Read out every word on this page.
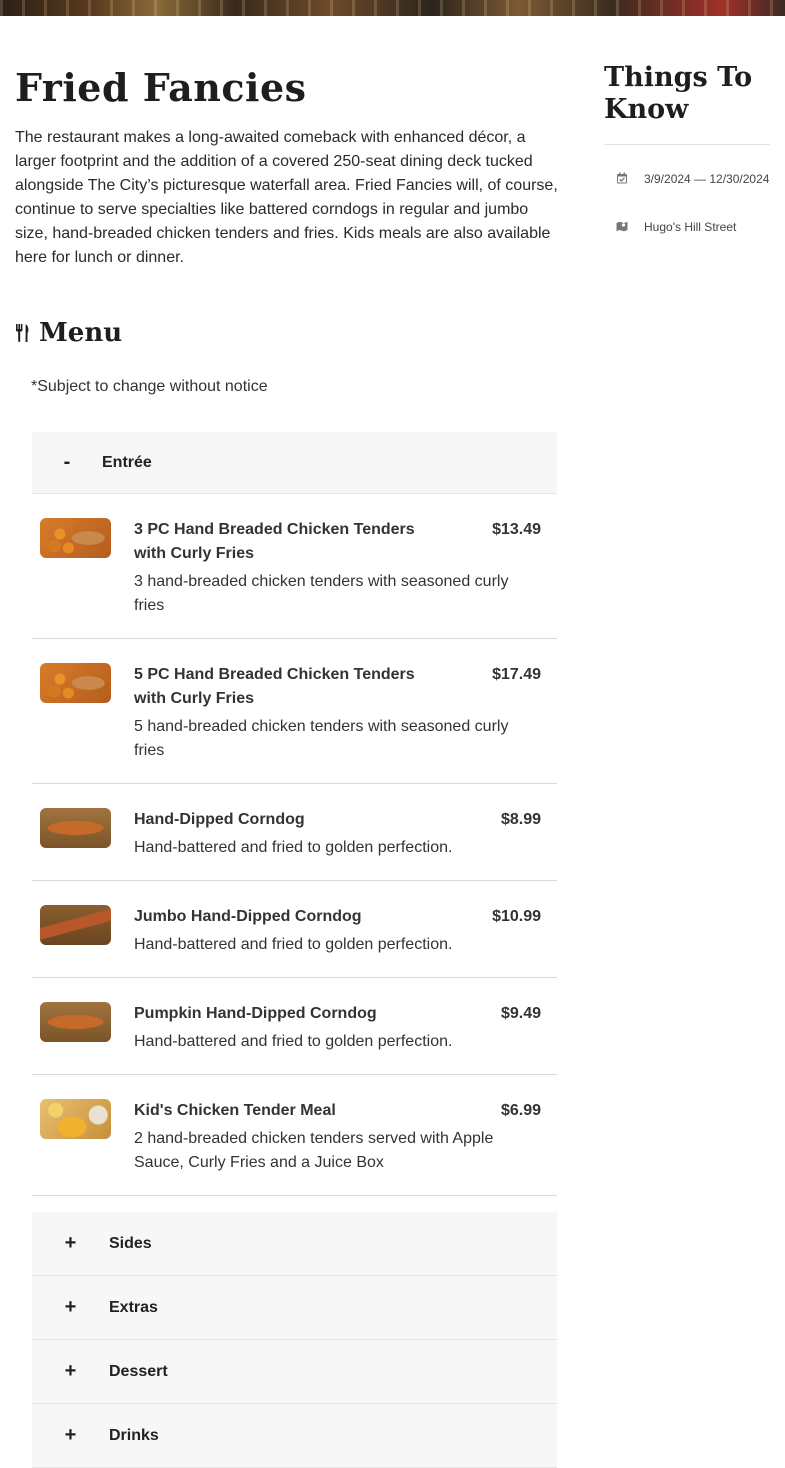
Fried Fancies

The restaurant makes a long-awaited comeback with enhanced décor, a larger footprint and the addition of a covered 250-seat dining deck tucked alongside The City’s picturesque waterfall area. Fried Fancies will, of course, continue to serve specialties like battered corndogs in regular and jumbo size, hand-breaded chicken tenders and fries. Kids meals are also available here for lunch or dinner.

Menu
*Subject to change without notice
-	Entrée
3 PC Hand Breaded Chicken Tenders with Curly Fries
$13.49
3 hand-breaded chicken tenders with seasoned curly fries
5 PC Hand Breaded Chicken Tenders with Curly Fries
$17.49
5 hand-breaded chicken tenders with seasoned curly fries
Hand-Dipped Corndog	$8.99
Hand-battered and fried to golden perfection.
Jumbo Hand-Dipped Corndog	$10.99
Hand-battered and fried to golden perfection.
Pumpkin Hand-Dipped Corndog	$9.49
Hand-battered and fried to golden perfection.
Kid's Chicken Tender Meal	$6.99
2 hand-breaded chicken tenders served with Apple Sauce, Curly Fries and a Juice Box
+	Sides
+	Extras
+	Dessert
+	Drinks
Things To Know
3/9/2024 — 12/30/2024
Hugo's Hill Street
